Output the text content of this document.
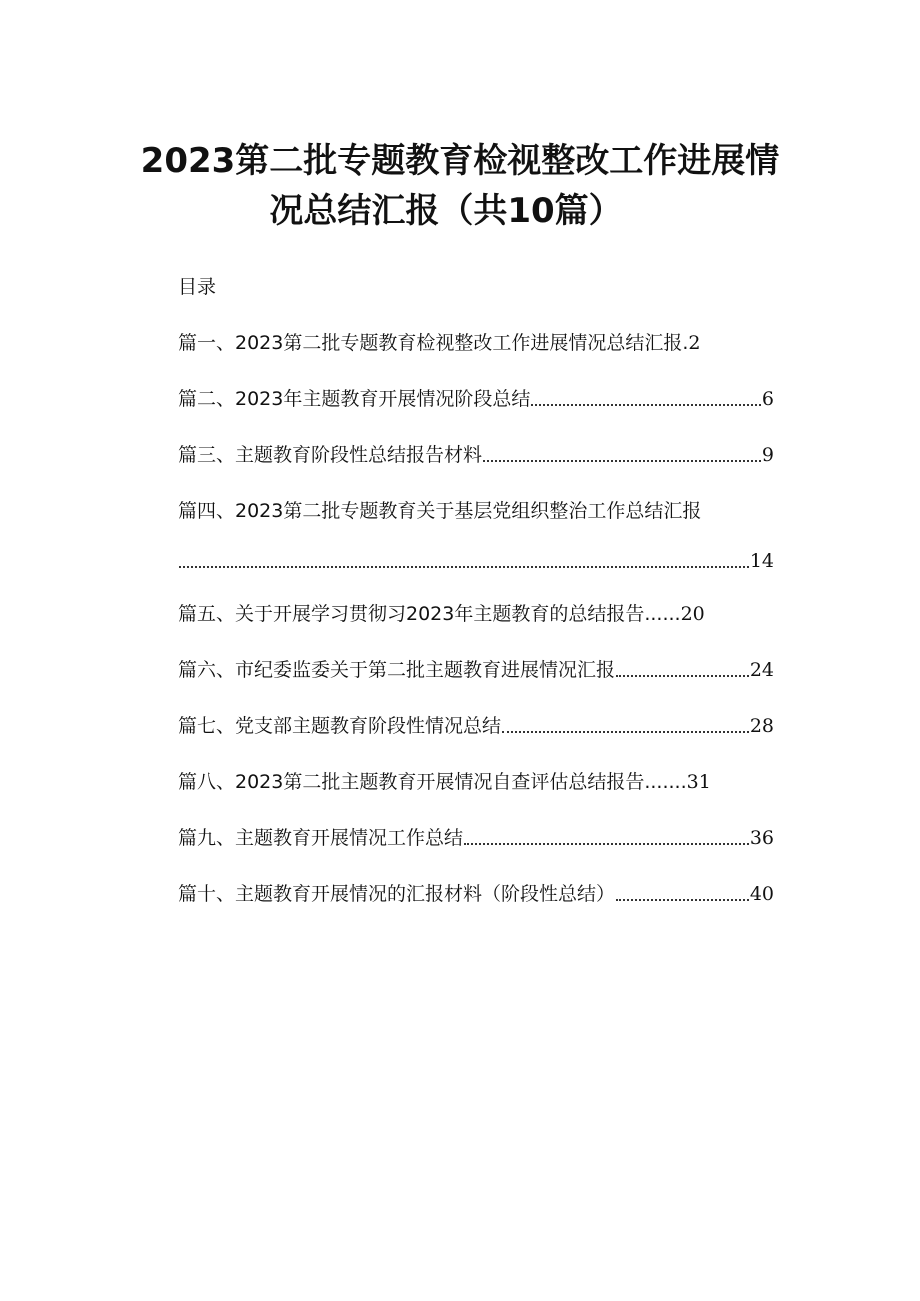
2023第二批专题教育检视整改工作进展情
况总结汇报（共10篇）
目录
篇一、2023第二批专题教育检视整改工作进展情况总结汇报. 2
篇二、2023年主题教育开展情况阶段总结	6
篇三、主题教育阶段性总结报告材料	9
篇四、2023第二批专题教育关于基层党组织整治工作总结汇报
14
篇五、关于开展学习贯彻习2023年主题教育的总结报告...... 20
篇六、市纪委监委关于第二批主题教育进展情况汇报	24
篇七、党支部主题教育阶段性情况总结	28
篇八、2023第二批主题教育开展情况自查评估总结报告....... 31
篇九、主题教育开展情况工作总结	36
篇十、主题教育开展情况的汇报材料（阶段性总结）	40
